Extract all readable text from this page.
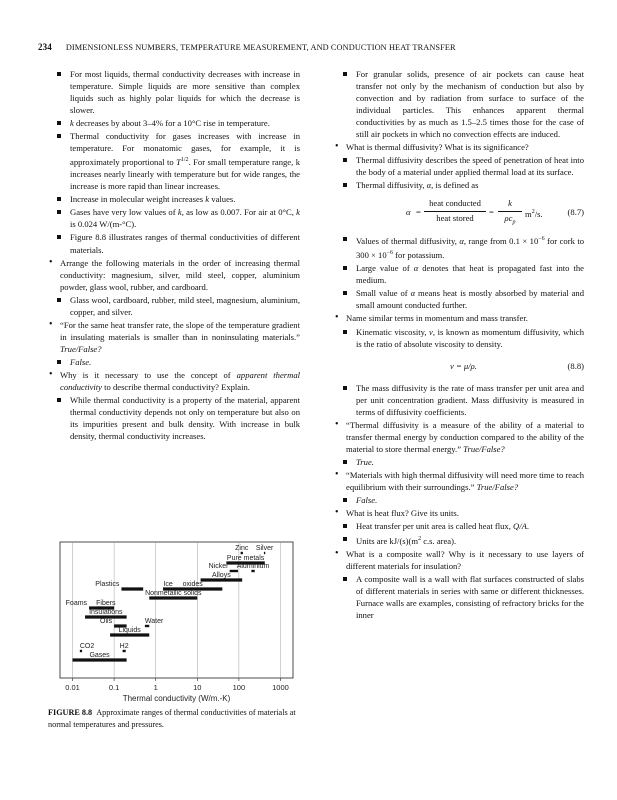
234 DIMENSIONLESS NUMBERS, TEMPERATURE MEASUREMENT, AND CONDUCTION HEAT TRANSFER
For most liquids, thermal conductivity decreases with increase in temperature. Simple liquids are more sensitive than complex liquids such as highly polar liquids for which the decrease is slower.
k decreases by about 3–4% for a 10°C rise in temperature.
Thermal conductivity for gases increases with increase in temperature. For monatomic gases, for example, it is approximately proportional to $T^{1/2}$. For small temperature range, k increases nearly linearly with temperature but for wide ranges, the increase is more rapid than linear increases.
Increase in molecular weight increases k values.
Gases have very low values of k, as low as 0.007. For air at 0°C, k is 0.024 W/(m-°C).
Figure 8.8 illustrates ranges of thermal conductivities of different materials.
• Arrange the following materials in the order of increasing thermal conductivity: magnesium, silver, mild steel, copper, aluminium powder, glass wool, rubber, and cardboard.
Glass wool, cardboard, rubber, mild steel, magnesium, aluminium, copper, and silver.
• “For the same heat transfer rate, the slope of the temperature gradient in insulating materials is smaller than in noninsulating materials.” True/False?
False.
• Why is it necessary to use the concept of apparent thermal conductivity to describe thermal conductivity? Explain.
While thermal conductivity is a property of the material, apparent thermal conductivity depends not only on temperature but also on its impurities present and bulk density. With increase in bulk density, thermal conductivity increases.
0.01	0.1	1	10	100	1000
Thermal conductivity (W/m.-K)
Zinc Silver
Pure metals
Nickel Aluminium
Alloys
oxides
Plastics	Ice
Nonmetallic solids
Foams Fibers
Insulations
Oils	Water
Liquids
CO2	H2
Gases
FIGURE 8.8 Approximate ranges of thermal conductivities of materials at normal temperatures and pressures.
For granular solids, presence of air pockets can cause heat transfer not only by the mechanism of conduction but also by convection and by radiation from surface to surface of the individual particles. This enhances apparent thermal conductivities by as much as 1.5–2.5 times those for the case of still air pockets in which no convection effects are induced.
• What is thermal diffusivity? What is its significance?
Thermal diffusivity describes the speed of penetration of heat into the body of a material under applied thermal load at its surface.
Thermal diffusivity, α, is defined as
α =
heat conducted
heat stored
=
k
$\rho c_p$
$m^2/s$.	(8.7)
Values of thermal diffusivity, α, range from $0.1 \times 10^{-6}$ for cork to $300 \times 10^{-6}$ for potassium.
Large value of α denotes that heat is propagated fast into the medium.
Small value of α means heat is mostly absorbed by material and small amount conducted further.
• Name similar terms in momentum and mass transfer.
Kinematic viscosity, ν, is known as momentum diffusivity, which is the ratio of absolute viscosity to density.
ν = μ/ρ.	(8.8)
The mass diffusivity is the rate of mass transfer per unit area and per unit concentration gradient. Mass diffusivity is measured in terms of diffusivity coefficients.
• “Thermal diffusivity is a measure of the ability of a material to transfer thermal energy by conduction compared to the ability of the material to store thermal energy.” True/False?
True.
• “Materials with high thermal diffusivity will need more time to reach equilibrium with their surroundings.” True/False?
False.
• What is heat flux? Give its units.
Heat transfer per unit area is called heat flux, Q/A.
Units are $kJ/(s)(m^2$ c.s. area).
• What is a composite wall? Why is it necessary to use layers of different materials for insulation?
A composite wall is a wall with flat surfaces constructed of slabs of different materials in series with same or different thicknesses. Furnace walls are examples, consisting of refractory bricks for the inner
